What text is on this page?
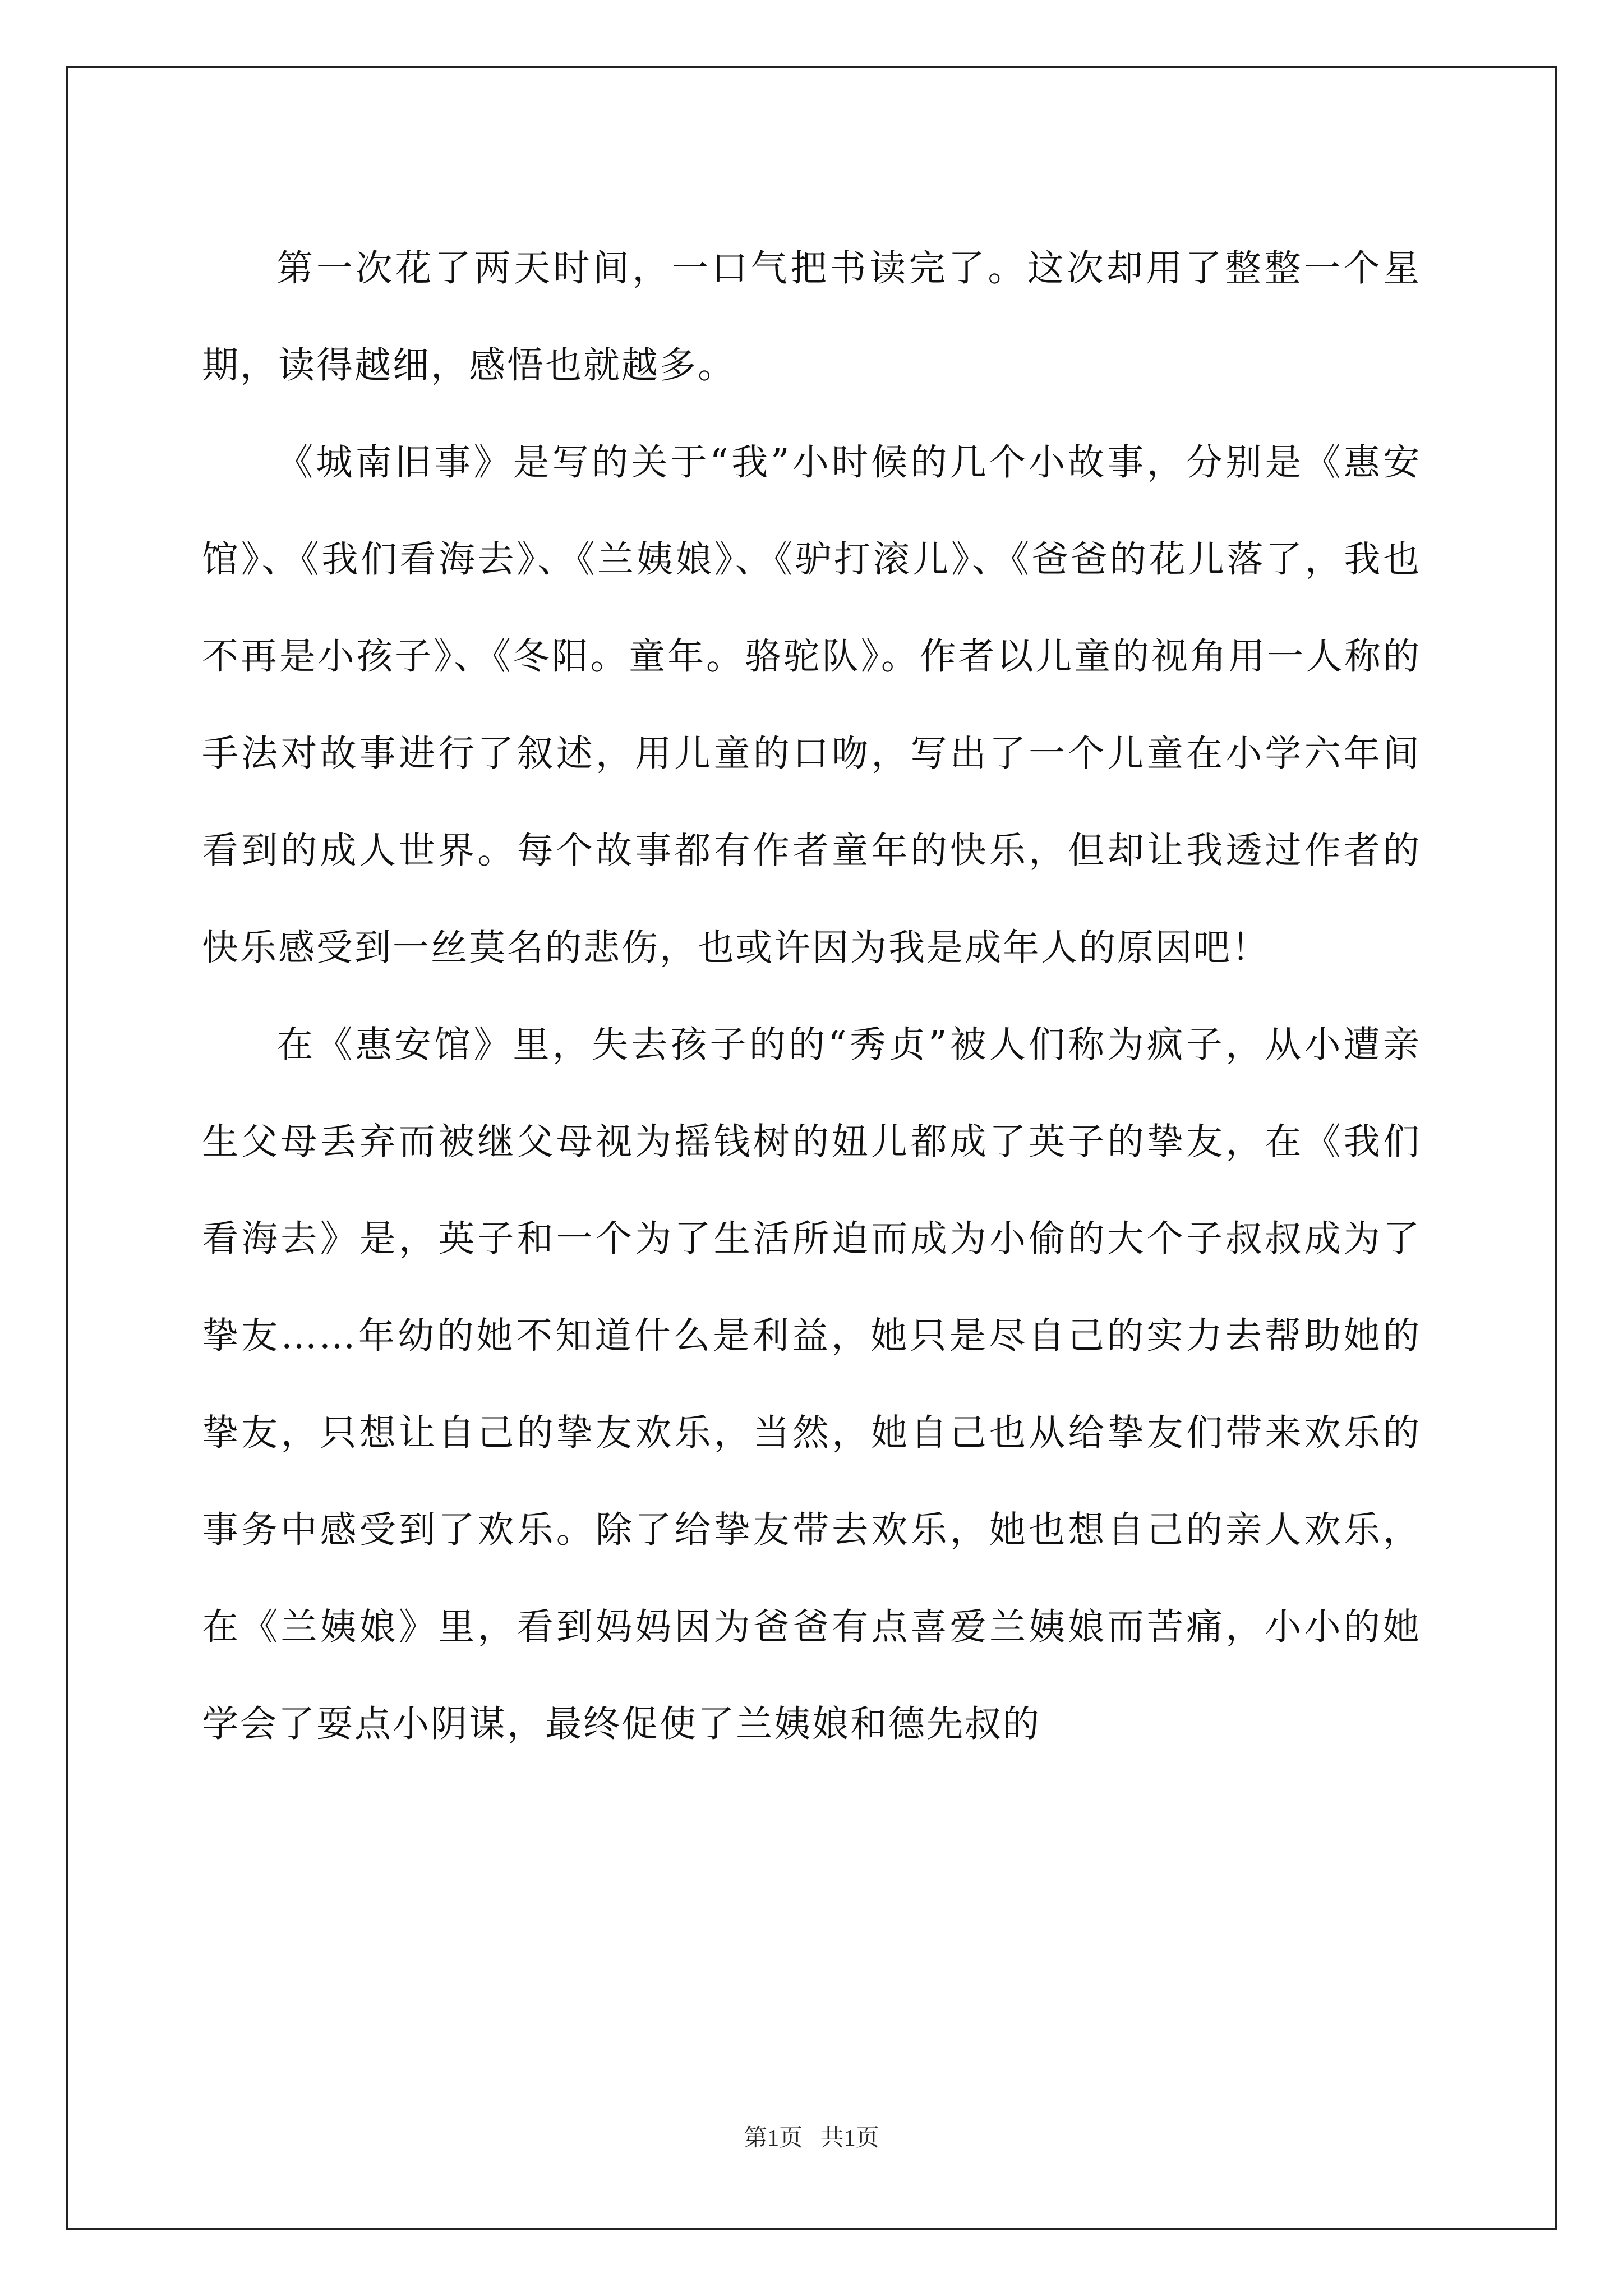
第一次花了两天时间，一口气把书读完了。这次却用了整整一个星期，读得越细，感悟也就越多。

《城南旧事》是写的关于“我”小时候的几个小故事，分别是《惠安馆》、《我们看海去》、《兰姨娘》、《驴打滚儿》、《爸爸的花儿落了，我也不再是小孩子》、《冬阳。童年。骆驼队》。作者以儿童的视角用一人称的手法对故事进行了叙述，用儿童的口吻，写出了一个儿童在小学六年间看到的成人世界。每个故事都有作者童年的快乐，但却让我透过作者的快乐感受到一丝莫名的悲伤，也或许因为我是成年人的原因吧！

在《惠安馆》里，失去孩子的的“秀贞”被人们称为疯子，从小遭亲生父母丢弃而被继父母视为摇钱树的妞儿都成了英子的挚友，在《我们看海去》是，英子和一个为了生活所迫而成为小偷的大个子叔叔成为了挚友……年幼的她不知道什么是利益，她只是尽自己的实力去帮助她的挚友，只想让自己的挚友欢乐，当然，她自己也从给挚友们带来欢乐的事务中感受到了欢乐。除了给挚友带去欢乐，她也想自己的亲人欢乐，在《兰姨娘》里，看到妈妈因为爸爸有点喜爱兰姨娘而苦痛，小小的她学会了耍点小阴谋，最终促使了兰姨娘和德先叔的

第1页 共1页
